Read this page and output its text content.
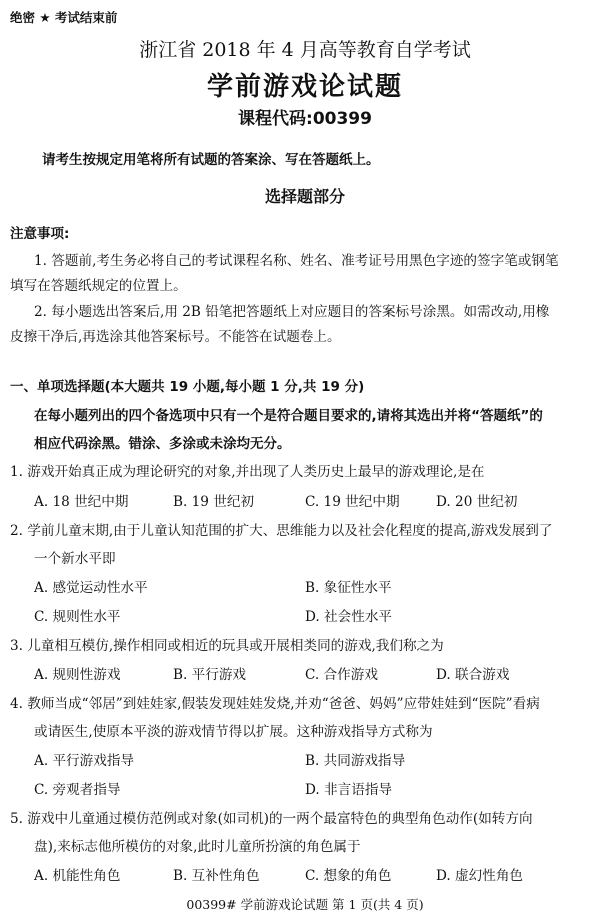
绝密 ★ 考试结束前
浙江省 2018 年 4 月高等教育自学考试
学前游戏论试题
课程代码:00399
请考生按规定用笔将所有试题的答案涂、写在答题纸上。
选择题部分
注意事项:
1. 答题前,考生务必将自己的考试课程名称、姓名、准考证号用黑色字迹的签字笔或钢笔
填写在答题纸规定的位置上。
2. 每小题选出答案后,用 2B 铅笔把答题纸上对应题目的答案标号涂黑。如需改动,用橡
皮擦干净后,再选涂其他答案标号。不能答在试题卷上。
一、单项选择题(本大题共 19 小题,每小题 1 分,共 19 分)
在每小题列出的四个备选项中只有一个是符合题目要求的,请将其选出并将“答题纸”的
相应代码涂黑。错涂、多涂或未涂均无分。
1. 游戏开始真正成为理论研究的对象,并出现了人类历史上最早的游戏理论,是在
A. 18 世纪中期	B. 19 世纪初	C. 19 世纪中期	D. 20 世纪初
2. 学前儿童末期,由于儿童认知范围的扩大、思维能力以及社会化程度的提高,游戏发展到了
一个新水平即
A. 感觉运动性水平	B. 象征性水平
C. 规则性水平	D. 社会性水平
3. 儿童相互模仿,操作相同或相近的玩具或开展相类同的游戏,我们称之为
A. 规则性游戏	B. 平行游戏	C. 合作游戏	D. 联合游戏
4. 教师当成“邻居”到娃娃家,假装发现娃娃发烧,并劝“爸爸、妈妈”应带娃娃到“医院”看病
或请医生,使原本平淡的游戏情节得以扩展。这种游戏指导方式称为
A. 平行游戏指导	B. 共同游戏指导
C. 旁观者指导	D. 非言语指导
5. 游戏中儿童通过模仿范例或对象(如司机)的一两个最富特色的典型角色动作(如转方向
盘),来标志他所模仿的对象,此时儿童所扮演的角色属于
A. 机能性角色	B. 互补性角色	C. 想象的角色	D. 虚幻性角色
00399# 学前游戏论试题 第 1 页(共 4 页)
